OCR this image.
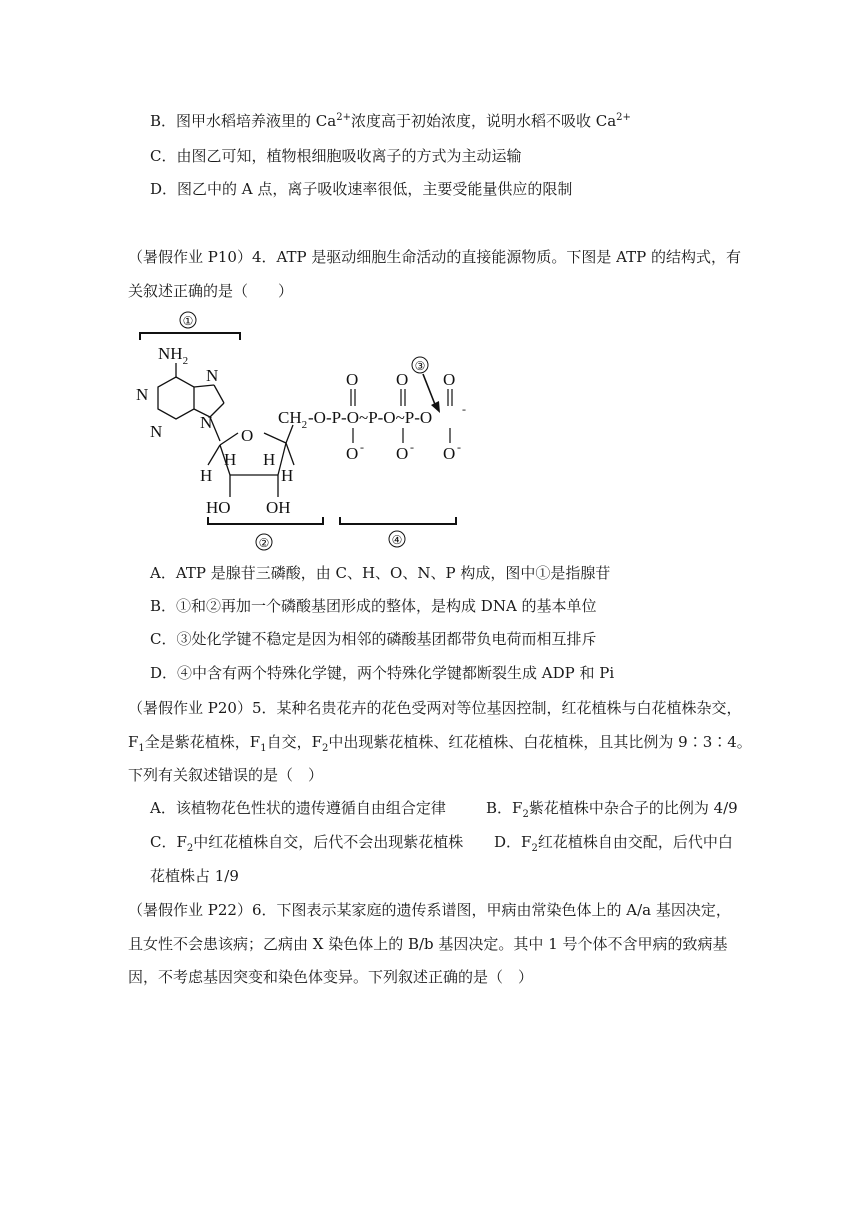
B．图甲水稻培养液里的 $Ca^{2+}$浓度高于初始浓度，说明水稻不吸收 $Ca^{2+}$
C．由图乙可知，植物根细胞吸收离子的方式为主动运输
D．图乙中的 A 点，离子吸收速率很低，主要受能量供应的限制
（暑假作业 P10）4．ATP 是驱动细胞生命活动的直接能源物质。下图是 ATP 的结构式，有
关叙述正确的是（　　）
①
$NH_2$
N
N
N
N
O
H
H H
H
HO OH
$CH_2$ -O-P-O~P-O~P-O -
O O O
O O O
-	-	-
③
②	④
A．ATP 是腺苷三磷酸，由 C、H、O、N、P 构成，图中①是指腺苷
B．①和②再加一个磷酸基团形成的整体，是构成 DNA 的基本单位
C．③处化学键不稳定是因为相邻的磷酸基团都带负电荷而相互排斥
D．④中含有两个特殊化学键，两个特殊化学键都断裂生成 ADP 和 Pi
（暑假作业 P20）5．某种名贵花卉的花色受两对等位基因控制，红花植株与白花植株杂交，
$F_1$全是紫花植株，$F_1$自交，$F_2$中出现紫花植株、红花植株、白花植株，且其比例为 9∶3∶4。
下列有关叙述错误的是（　）
A．该植物花色性状的遗传遵循自由组合定律	B．$F_2$紫花植株中杂合子的比例为 4/9
C．$F_2$中红花植株自交，后代不会出现紫花植株 D．$F_2$红花植株自由交配，后代中白
花植株占 1/9
（暑假作业 P22）6．下图表示某家庭的遗传系谱图，甲病由常染色体上的 A/a 基因决定，
且女性不会患该病；乙病由 X 染色体上的 B/b 基因决定。其中 1 号个体不含甲病的致病基
因，不考虑基因突变和染色体变异。下列叙述正确的是（　）
